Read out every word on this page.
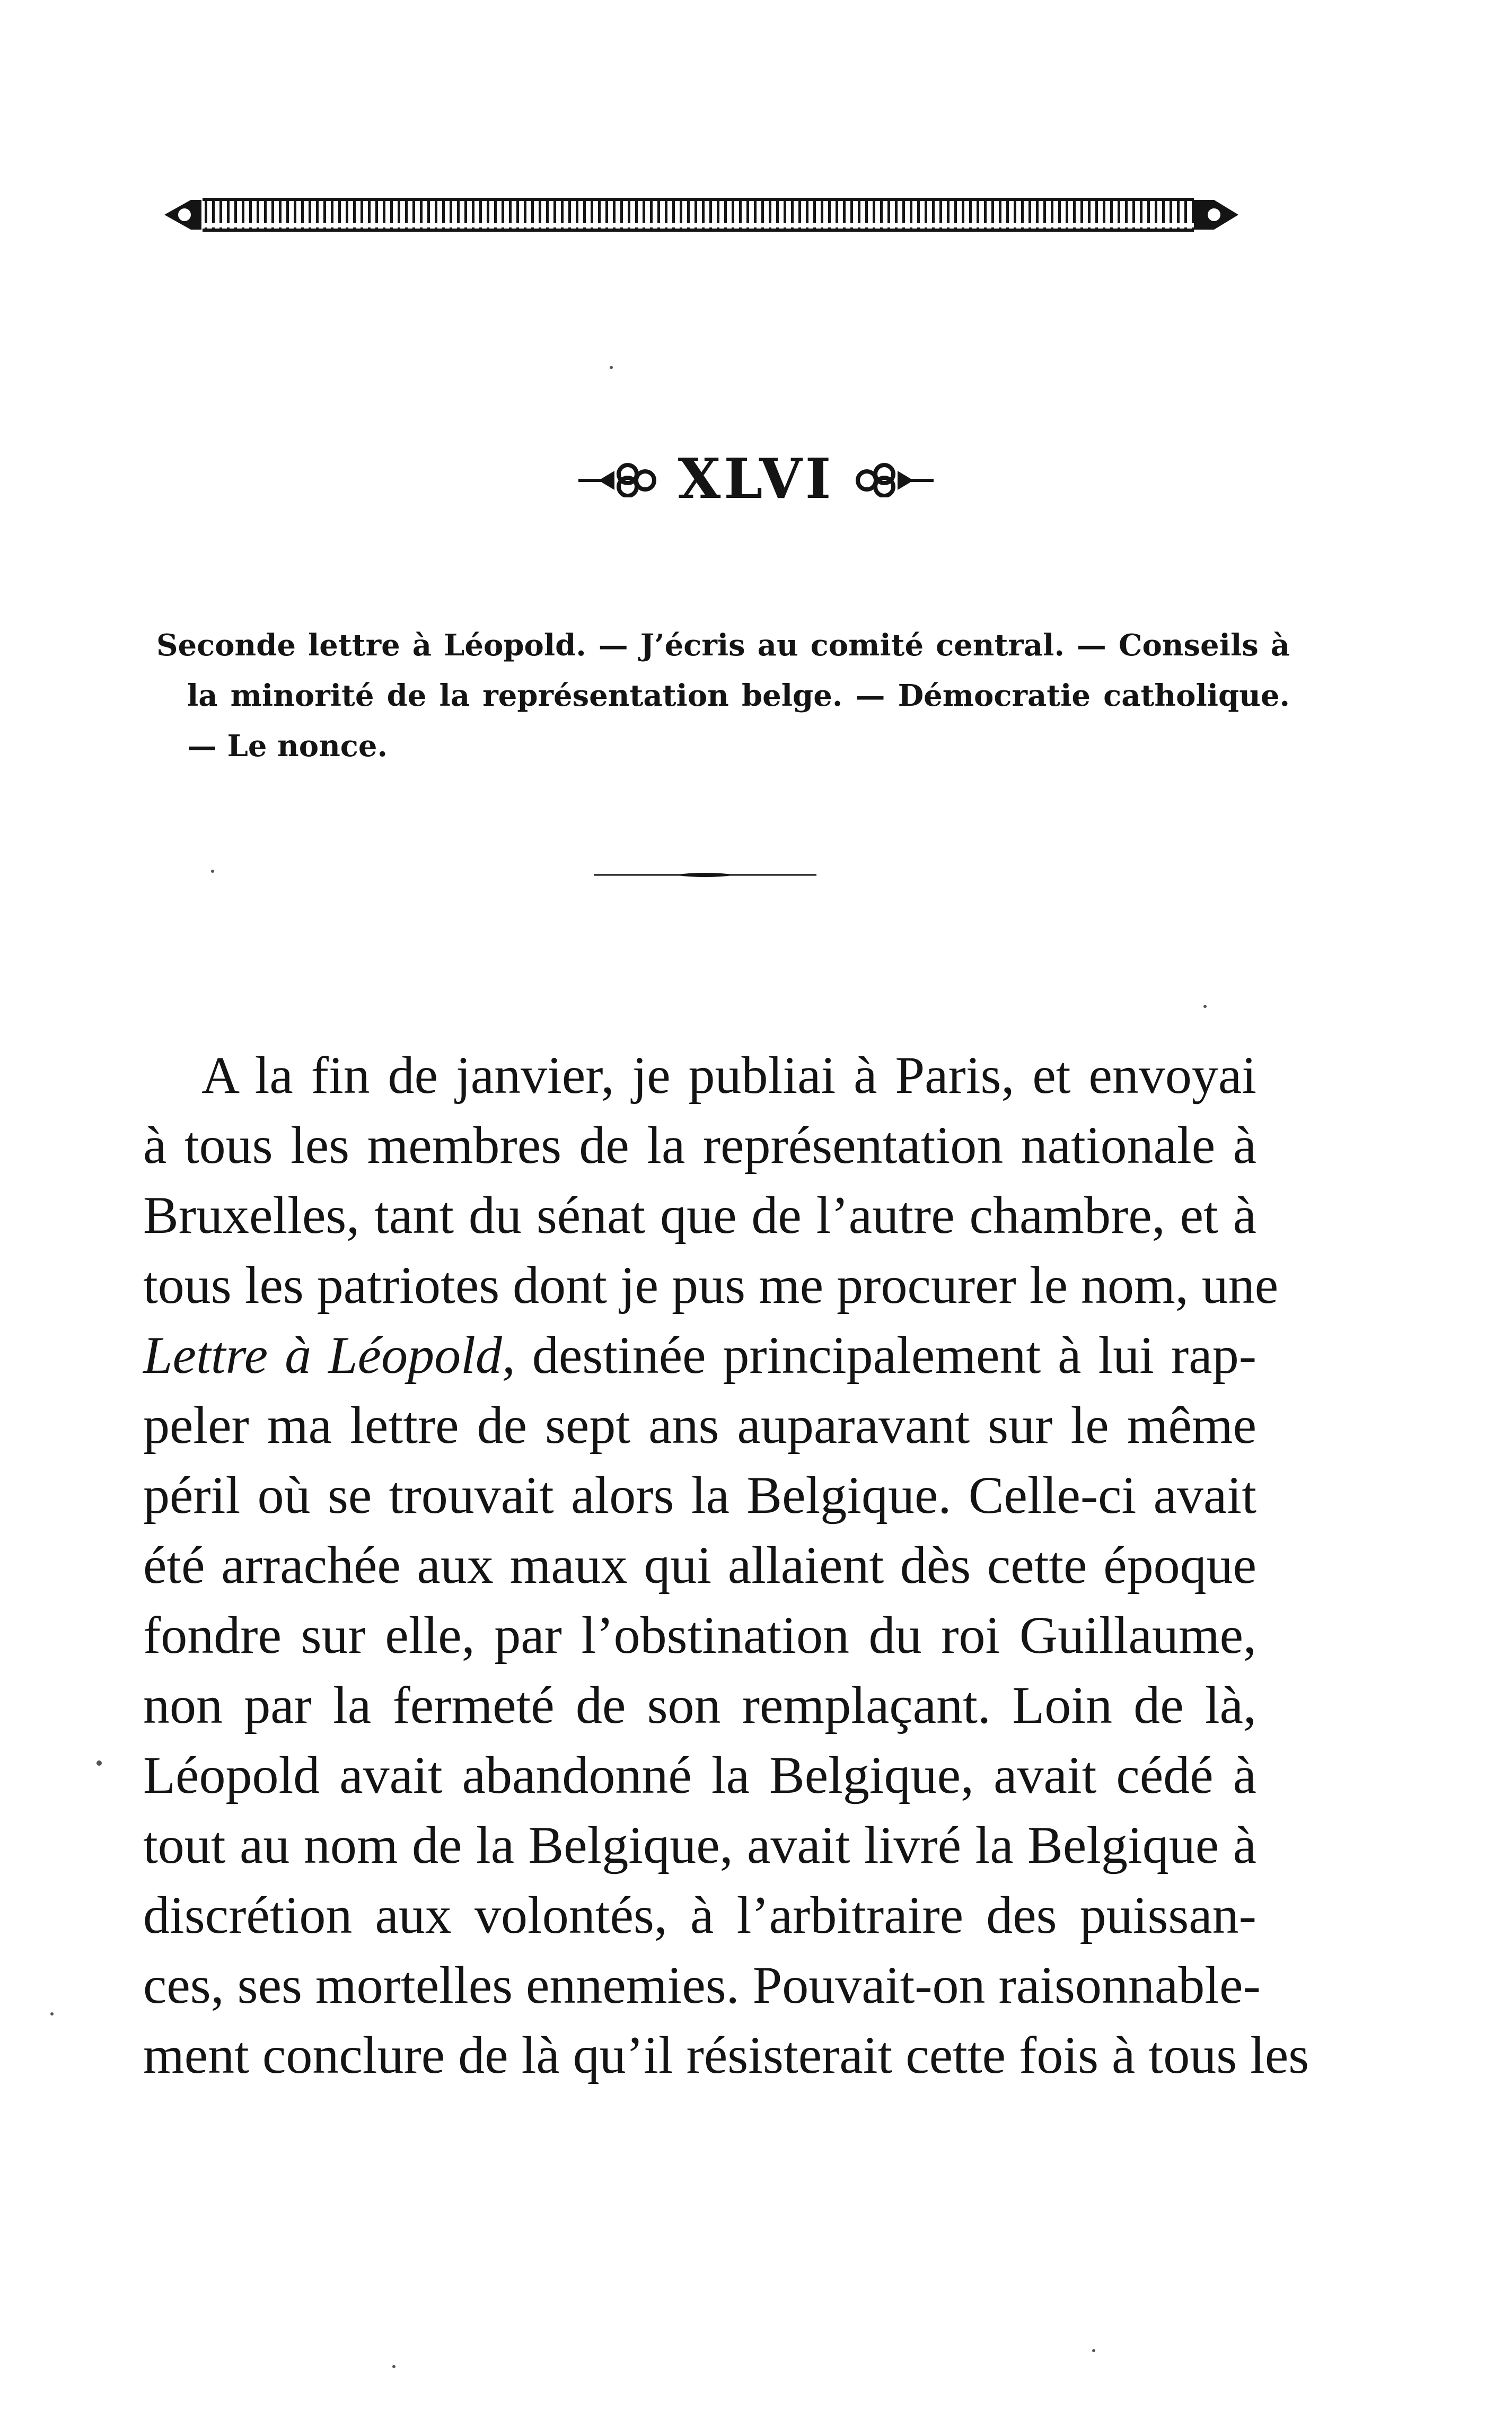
XLVI
Seconde lettre à Léopold. — J’écris au comité central. — Conseils à la minorité de la représentation belge. — Démocratie catholique. — Le nonce.
A la fin de janvier, je publiai à Paris, et envoyai
à tous les membres de la représentation nationale à
Bruxelles, tant du sénat que de l’autre chambre, et à
tous les patriotes dont je pus me procurer le nom, une
Lettre à Léopold, destinée principalement à lui rap-
peler ma lettre de sept ans auparavant sur le même
péril où se trouvait alors la Belgique. Celle-ci avait
été arrachée aux maux qui allaient dès cette époque
fondre sur elle, par l’obstination du roi Guillaume,
non par la fermeté de son remplaçant. Loin de là,
Léopold avait abandonné la Belgique, avait cédé à
tout au nom de la Belgique, avait livré la Belgique à
discrétion aux volontés, à l’arbitraire des puissan-
ces, ses mortelles ennemies. Pouvait-on raisonnable-
ment conclure de là qu’il résisterait cette fois à tous les
